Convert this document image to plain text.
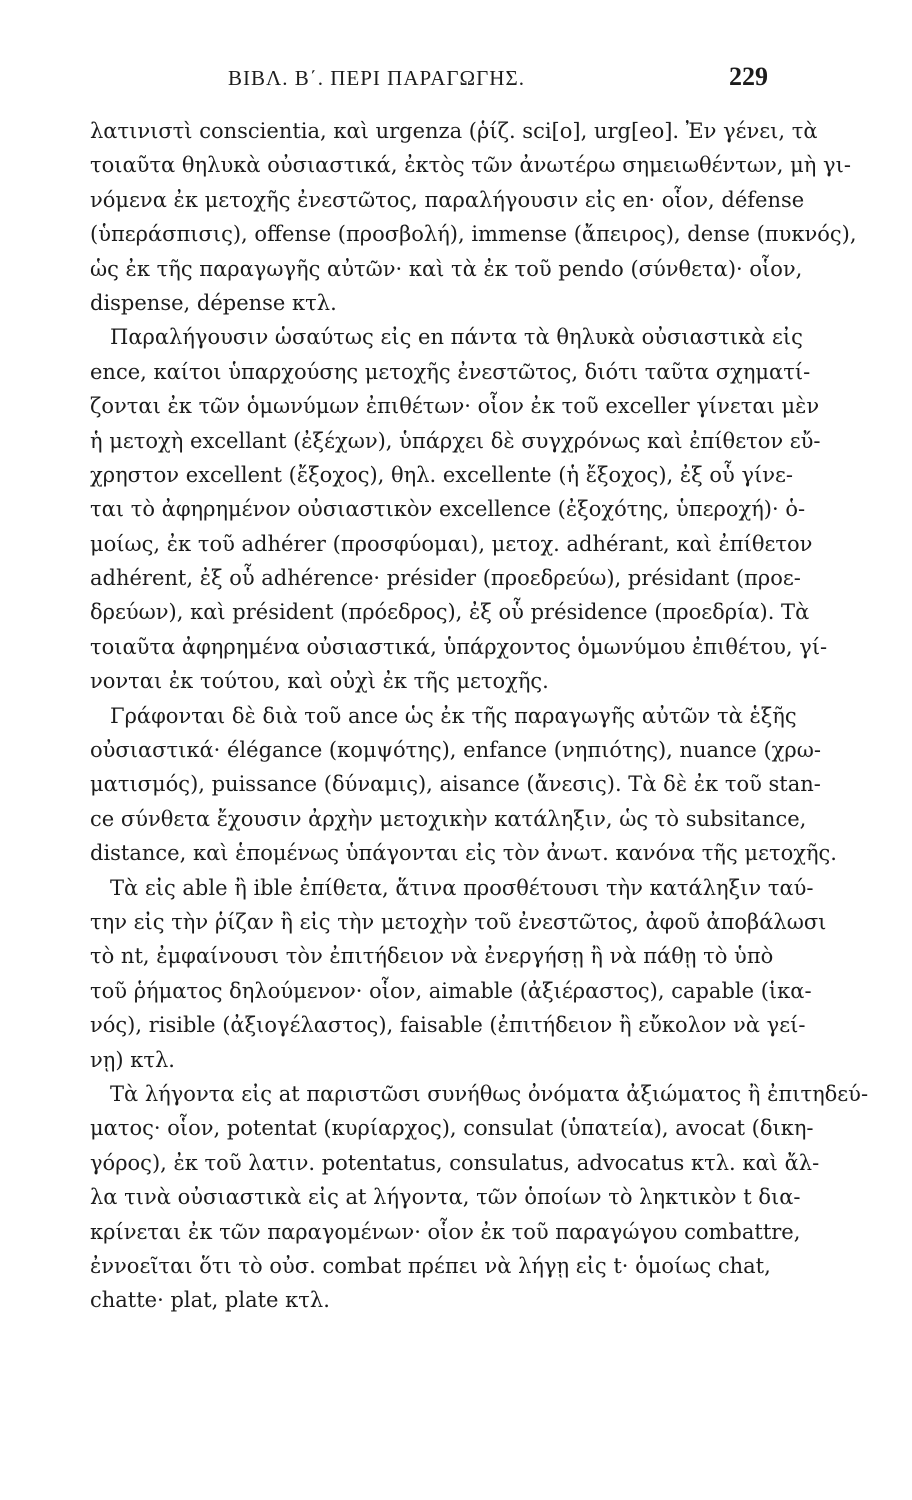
ΒΙΒΛ. Β΄. ΠΕΡΙ ΠΑΡΑΓΩΓΗΣ.	229
λατινιστὶ conscientia, καὶ urgenza (ῥίζ. sci[o], urg[eo]. Ἐν γένει, τὰ
τοιαῦτα θηλυκὰ οὐσιαστικά, ἐκτὸς τῶν ἀνωτέρω σημειωθέντων, μὴ γι-
νόμενα ἐκ μετοχῆς ἐνεστῶτος, παραλήγουσιν εἰς en· οἷον, défense
(ὑπεράσπισις), offense (προσβολή), immense (ἄπειρος), dense (πυκνός),
ὡς ἐκ τῆς παραγωγῆς αὐτῶν· καὶ τὰ ἐκ τοῦ pendo (σύνθετα)· οἷον,
dispense, dépense κτλ.
Παραλήγουσιν ὡσαύτως εἰς en πάντα τὰ θηλυκὰ οὐσιαστικὰ εἰς
ence, καίτοι ὑπαρχούσης μετοχῆς ἐνεστῶτος, διότι ταῦτα σχηματί-
ζονται ἐκ τῶν ὁμωνύμων ἐπιθέτων· οἷον ἐκ τοῦ exceller γίνεται μὲν
ἡ μετοχὴ excellant (ἐξέχων), ὑπάρχει δὲ συγχρόνως καὶ ἐπίθετον εὔ-
χρηστον excellent (ἔξοχος), θηλ. excellente (ἡ ἔξοχος), ἐξ οὗ γίνε-
ται τὸ ἀφηρημένον οὐσιαστικὸν excellence (ἐξοχότης, ὑπεροχή)· ὁ-
μοίως, ἐκ τοῦ adhérer (προσφύομαι), μετοχ. adhérant, καὶ ἐπίθετον
adhérent, ἐξ οὗ adhérence· présider (προεδρεύω), présidant (προε-
δρεύων), καὶ président (πρόεδρος), ἐξ οὗ présidence (προεδρία). Τὰ
τοιαῦτα ἀφηρημένα οὐσιαστικά, ὑπάρχοντος ὁμωνύμου ἐπιθέτου, γί-
νονται ἐκ τούτου, καὶ οὐχὶ ἐκ τῆς μετοχῆς.
Γράφονται δὲ διὰ τοῦ ance ὡς ἐκ τῆς παραγωγῆς αὐτῶν τὰ ἑξῆς
οὐσιαστικά· élégance (κομψότης), enfance (νηπιότης), nuance (χρω-
ματισμός), puissance (δύναμις), aisance (ἄνεσις). Τὰ δὲ ἐκ τοῦ stan-
ce σύνθετα ἔχουσιν ἀρχὴν μετοχικὴν κατάληξιν, ὡς τὸ subsitance,
distance, καὶ ἑπομένως ὑπάγονται εἰς τὸν ἀνωτ. κανόνα τῆς μετοχῆς.
Τὰ εἰς able ἢ ible ἐπίθετα, ἅτινα προσθέτουσι τὴν κατάληξιν ταύ-
την εἰς τὴν ῥίζαν ἢ εἰς τὴν μετοχὴν τοῦ ἐνεστῶτος, ἀφοῦ ἀποβάλωσι
τὸ nt, ἐμφαίνουσι τὸν ἐπιτήδειον νὰ ἐνεργήσῃ ἢ νὰ πάθῃ τὸ ὑπὸ
τοῦ ῥήματος δηλούμενον· οἷον, aimable (ἀξιέραστος), capable (ἱκα-
νός), risible (ἀξιογέλαστος), faisable (ἐπιτήδειον ἢ εὔκολον νὰ γεί-
νῃ) κτλ.
Τὰ λήγοντα εἰς at παριστῶσι συνήθως ὀνόματα ἀξιώματος ἢ ἐπιτηδεύ-
ματος· οἷον, potentat (κυρίαρχος), consulat (ὑπατεία), avocat (δικη-
γόρος), ἐκ τοῦ λατιν. potentatus, consulatus, advocatus κτλ. καὶ ἄλ-
λα τινὰ οὐσιαστικὰ εἰς at λήγοντα, τῶν ὁποίων τὸ ληκτικὸν t δια-
κρίνεται ἐκ τῶν παραγομένων· οἷον ἐκ τοῦ παραγώγου combattre,
ἐννοεῖται ὅτι τὸ οὐσ. combat πρέπει νὰ λήγῃ εἰς t· ὁμοίως chat,
chatte· plat, plate κτλ.
